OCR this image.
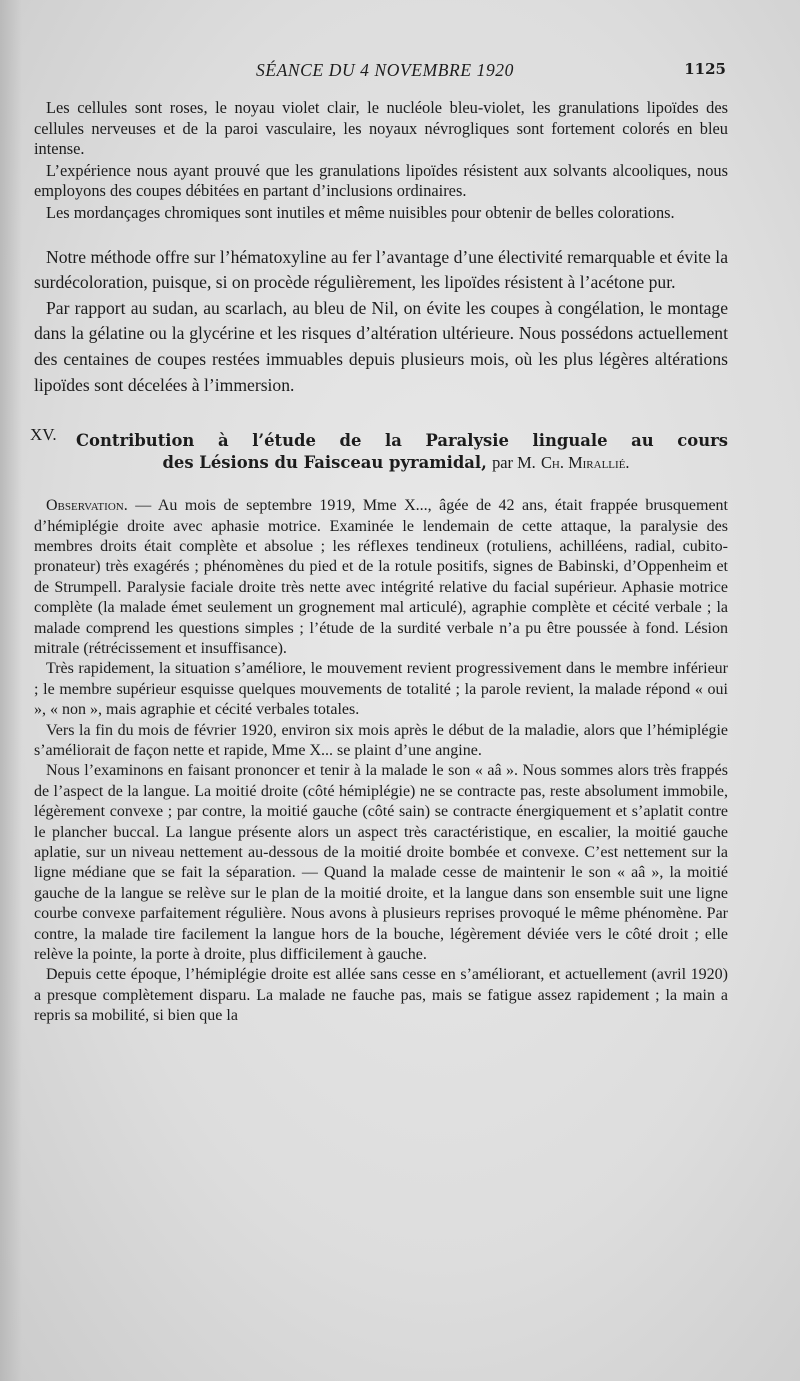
SÉANCE DU 4 NOVEMBRE 1920	1125

Les cellules sont roses, le noyau violet clair, le nucléole bleu-violet, les granulations lipoïdes des cellules nerveuses et de la paroi vasculaire, les noyaux névrogliques sont fortement colorés en bleu intense.

L’expérience nous ayant prouvé que les granulations lipoïdes résistent aux solvants alcooliques, nous employons des coupes débitées en partant d’inclusions ordinaires.

Les mordançages chromiques sont inutiles et même nuisibles pour obtenir de belles colorations.

Notre méthode offre sur l’hématoxyline au fer l’avantage d’une électivité remarquable et évite la surdécoloration, puisque, si on procède régulièrement, les lipoïdes résistent à l’acétone pur.

Par rapport au sudan, au scarlach, au bleu de Nil, on évite les coupes à congélation, le montage dans la gélatine ou la glycérine et les risques d’altération ultérieure. Nous possédons actuellement des centaines de coupes restées immuables depuis plusieurs mois, où les plus légères altérations lipoïdes sont décelées à l’immersion.

XV. Contribution à l’étude de la Paralysie linguale au cours
des Lésions du Faisceau pyramidal, par M. Ch. Mirallié.

Observation. — Au mois de septembre 1919, Mme X..., âgée de 42 ans, était frappée brusquement d’hémiplégie droite avec aphasie motrice. Examinée le lendemain de cette attaque, la paralysie des membres droits était complète et absolue ; les réflexes tendineux (rotuliens, achilléens, radial, cubito-pronateur) très exagérés ; phénomènes du pied et de la rotule positifs, signes de Babinski, d’Oppenheim et de Strumpell. Paralysie faciale droite très nette avec intégrité relative du facial supérieur. Aphasie motrice complète (la malade émet seulement un grognement mal articulé), agraphie complète et cécité verbale ; la malade comprend les questions simples ; l’étude de la surdité verbale n’a pu être poussée à fond. Lésion mitrale (rétrécissement et insuffisance).

Très rapidement, la situation s’améliore, le mouvement revient progressivement dans le membre inférieur ; le membre supérieur esquisse quelques mouvements de totalité ; la parole revient, la malade répond « oui », « non », mais agraphie et cécité verbales totales.

Vers la fin du mois de février 1920, environ six mois après le début de la maladie, alors que l’hémiplégie s’améliorait de façon nette et rapide, Mme X... se plaint d’une angine.

Nous l’examinons en faisant prononcer et tenir à la malade le son « aâ ». Nous sommes alors très frappés de l’aspect de la langue. La moitié droite (côté hémiplégie) ne se contracte pas, reste absolument immobile, légèrement convexe ; par contre, la moitié gauche (côté sain) se contracte énergiquement et s’aplatit contre le plancher buccal. La langue présente alors un aspect très caractéristique, en escalier, la moitié gauche aplatie, sur un niveau nettement au-dessous de la moitié droite bombée et convexe. C’est nettement sur la ligne médiane que se fait la séparation. — Quand la malade cesse de maintenir le son « aâ », la moitié gauche de la langue se relève sur le plan de la moitié droite, et la langue dans son ensemble suit une ligne courbe convexe parfaitement régulière. Nous avons à plusieurs reprises provoqué le même phénomène. Par contre, la malade tire facilement la langue hors de la bouche, légèrement déviée vers le côté droit ; elle relève la pointe, la porte à droite, plus difficilement à gauche.

Depuis cette époque, l’hémiplégie droite est allée sans cesse en s’améliorant, et actuellement (avril 1920) a presque complètement disparu. La malade ne fauche pas, mais se fatigue assez rapidement ; la main a repris sa mobilité, si bien que la
